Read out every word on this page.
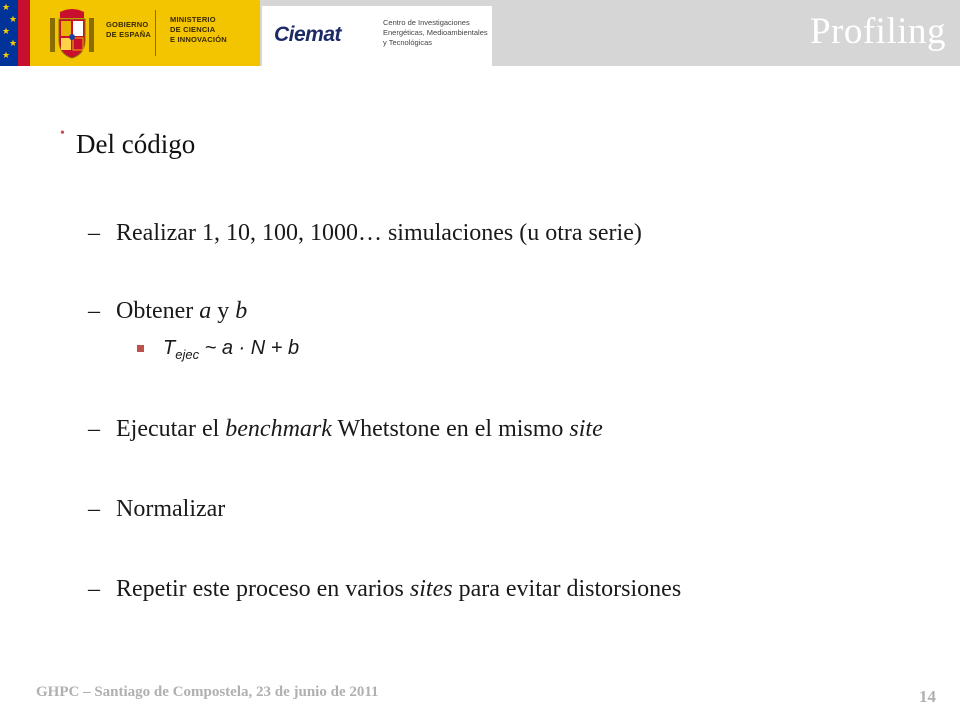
★
★
★
★
★
GOBIERNO
DE ESPAÑA
MINISTERIO
DE CIENCIA
E INNOVACIÓN Ciemat
Centro de Investigaciones
Energéticas, Medioambientales
y Tecnológicas	Profiling
• Del código
– Realizar 1, 10, 100, 1000… simulaciones (u otra serie)
– Obtener a y b
$T_{ejec}$ ~ a · N + b
– Ejecutar el benchmark Whetstone en el mismo site
– Normalizar
– Repetir este proceso en varios sites para evitar distorsiones
GHPC – Santiago de Compostela, 23 de junio de 2011	14
